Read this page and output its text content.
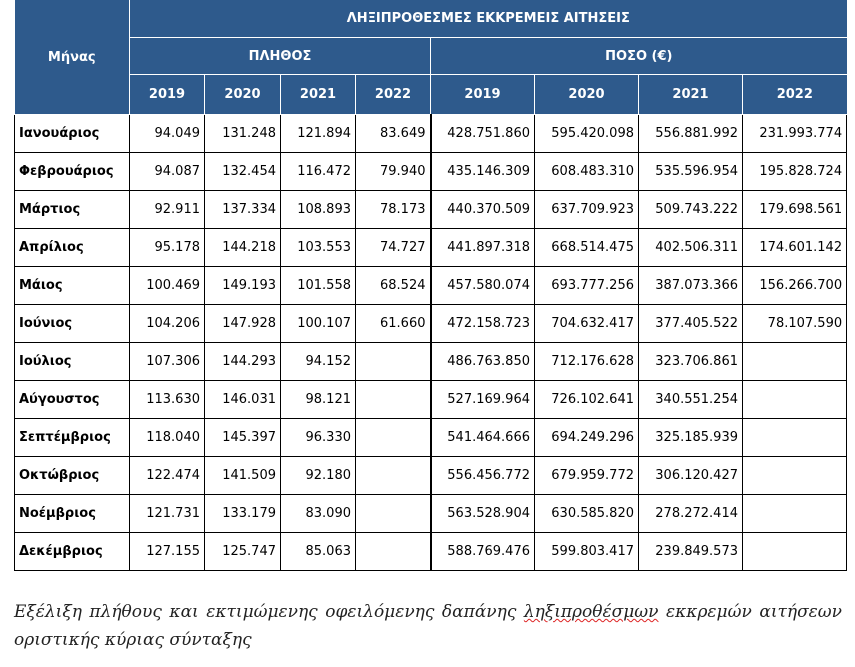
Μήνας	ΛΗΞΙΠΡΟΘΕΣΜΕΣ ΕΚΚΡΕΜΕΙΣ ΑΙΤΗΣΕΙΣ							
	ΠΛΗΘΟΣ				ΠΟΣΟ (€)			
	2019	2020	2021	2022	2019	2020	2021	2022
Ιανουάριος	94.049	131.248	121.894	83.649	428.751.860	595.420.098	556.881.992	231.993.774
Φεβρουάριος	94.087	132.454	116.472	79.940	435.146.309	608.483.310	535.596.954	195.828.724
Μάρτιος	92.911	137.334	108.893	78.173	440.370.509	637.709.923	509.743.222	179.698.561
Απρίλιος	95.178	144.218	103.553	74.727	441.897.318	668.514.475	402.506.311	174.601.142
Μάιος	100.469	149.193	101.558	68.524	457.580.074	693.777.256	387.073.366	156.266.700
Ιούνιος	104.206	147.928	100.107	61.660	472.158.723	704.632.417	377.405.522	78.107.590
Ιούλιος	107.306	144.293	94.152		486.763.850	712.176.628	323.706.861	
Αύγουστος	113.630	146.031	98.121		527.169.964	726.102.641	340.551.254	
Σεπτέμβριος	118.040	145.397	96.330		541.464.666	694.249.296	325.185.939	
Οκτώβριος	122.474	141.509	92.180		556.456.772	679.959.772	306.120.427	
Νοέμβριος	121.731	133.179	83.090		563.528.904	630.585.820	278.272.414	
Δεκέμβριος	127.155	125.747	85.063		588.769.476	599.803.417	239.849.573	
Εξέλιξη πλήθους και εκτιμώμενης οφειλόμενης δαπάνης ληξιπροθέσμων εκκρεμών αιτήσεων οριστικής κύριας σύνταξης
